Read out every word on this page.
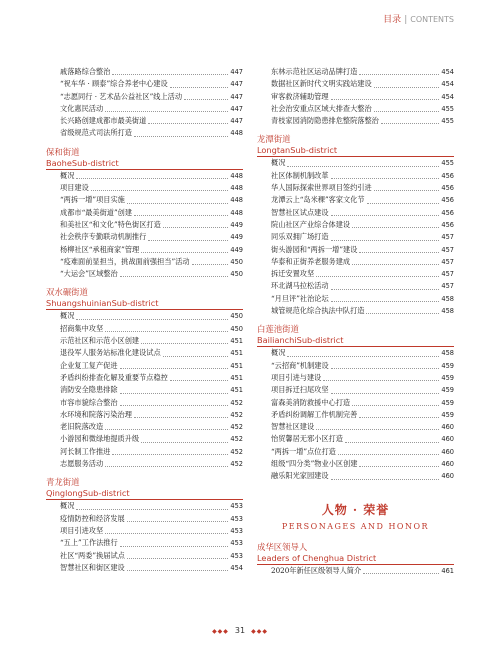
目录 | CONTENTS
戚落路综合整治	447
“祝车华 · 顾泰”综合养老中心建设	447
“志愿同行 · 艺术品公益社区”线上活动	447
文化惠民活动	447
长兴路创建成都市最美街道	447
省级规范式司法所打造	448
保和街道
BaoheSub-district
概况	448
项目建设	448
“两拆一增”项目实施	448
成都市“最美街道”创建	448
和美社区“和文化”特色街区打造	449
社会秩序专勤联动机制推行	449
杨柳社区“承租商家”管理	449
“疫难面前显担当，挑战面前强担当”活动	450
“大运会”区域整治	450
双水碾街道
ShuangshuinianSub-district
概况	450
招商集中攻坚	450
示范社区和示范小区创建	451
退役军人服务站标准化建设试点	451
企业复工复产促进	451
矛盾纠纷排查化解及重要节点稳控	451
消防安全隐患排除	451
市容市貌综合整治	452
水环境和院落污染治理	452
老旧院落改造	452
小游园和微绿地提质升级	452
河长制工作推进	452
志愿服务活动	452
青龙街道
QinglongSub-district
概况	453
疫情防控和经济发展	453
项目引进攻坚	453
“五上”工作法推行	453
社区“两委”换届试点	453
智慧社区和街区建设	454
东林示范社区运动品牌打造	454
数据社区新时代文明实践站建设	454
审客救济辅助管理	454
社会治安重点区域大排查大整治	455
青枝家园消防隐患排危整院落整治	455
龙潭街道
LongtanSub-district
概况	455
社区体制机制改革	456
华人国际探索世界项目签约引进	456
龙潭云上“岛米稞”客家文化节	456
智慧社区试点建设	456
院山社区产业综合体建设	456
同乐双拥广场打造	457
街头游园和“两拆一增”建设	457
华泰和正街养老服务建成	457
拆迁安置攻坚	457
环北湖马拉松活动	457
“月旦评”社治论坛	458
城管规范化综合执法中队打造	458
白莲池街道
BailianchiSub-district
概况	458
“云招商”机制建设	459
项目引进与建设	459
项目拆迁扫尾攻坚	459
富森美消防救援中心打造	459
矛盾纠纷调解工作机制完善	459
智慧社区建设	460
怡贸馨居无邪小区打造	460
“两拆一增”点位打造	460
组级“四分类”物业小区创建	460
融乐阳光家园建设	460
人物 · 荣誉
PERSONAGES AND HONOR
成华区领导人
Leaders of Chenghua District
2020年新任区级领导人简介	461
◆◆◆ 31 ◆◆◆
